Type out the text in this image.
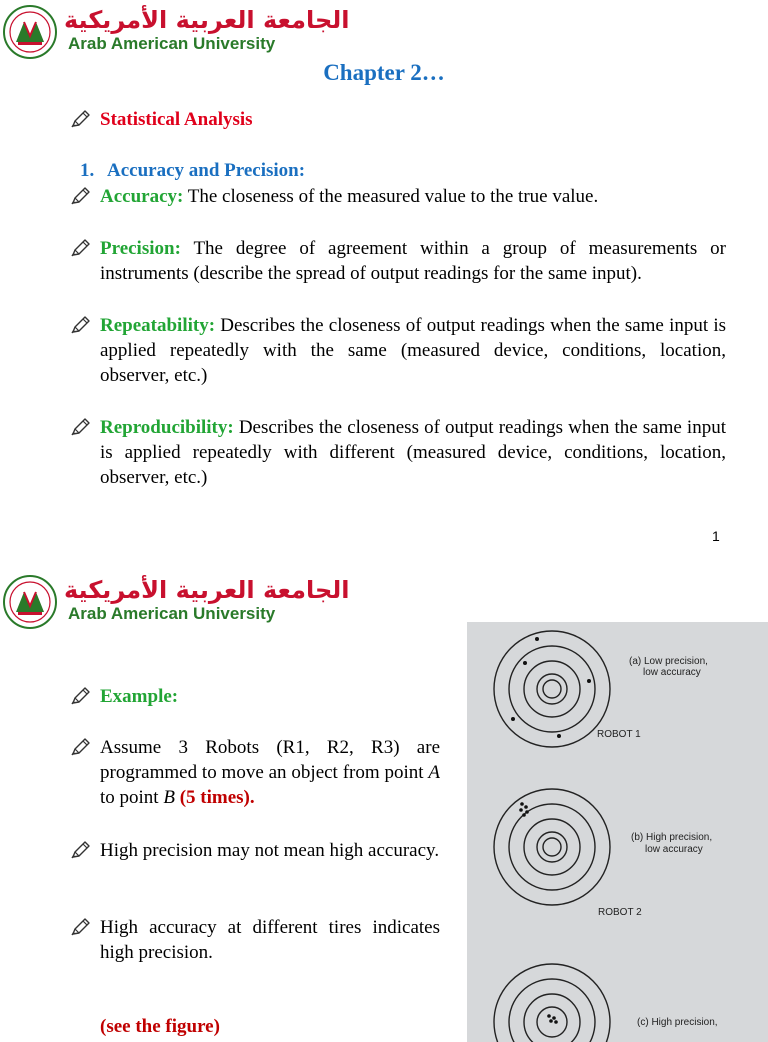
الجامعة العربية الأمريكية
Arab American University
Chapter 2…
Statistical Analysis
1. Accuracy and Precision:
Accuracy: The closeness of the measured value to the true value.
Precision: The degree of agreement within a group of measurements or instruments (describe the spread of output readings for the same input).
Repeatability: Describes the closeness of output readings when the same input is applied repeatedly with the same (measured device, conditions, location, observer, etc.)
Reproducibility: Describes the closeness of output readings when the same input is applied repeatedly with different (measured device, conditions, location, observer, etc.)
1
الجامعة العربية الأمريكية
Arab American University
Example:
Assume 3 Robots (R1, R2, R3) are programmed to move an object from point A to point B (5 times).
High precision may not mean high accuracy.
High accuracy at different tires indicates high precision.
(see the figure)
(a) Low precision,
low accuracy
ROBOT 1
(b) High precision,
low accuracy
ROBOT 2
(c) High precision,
